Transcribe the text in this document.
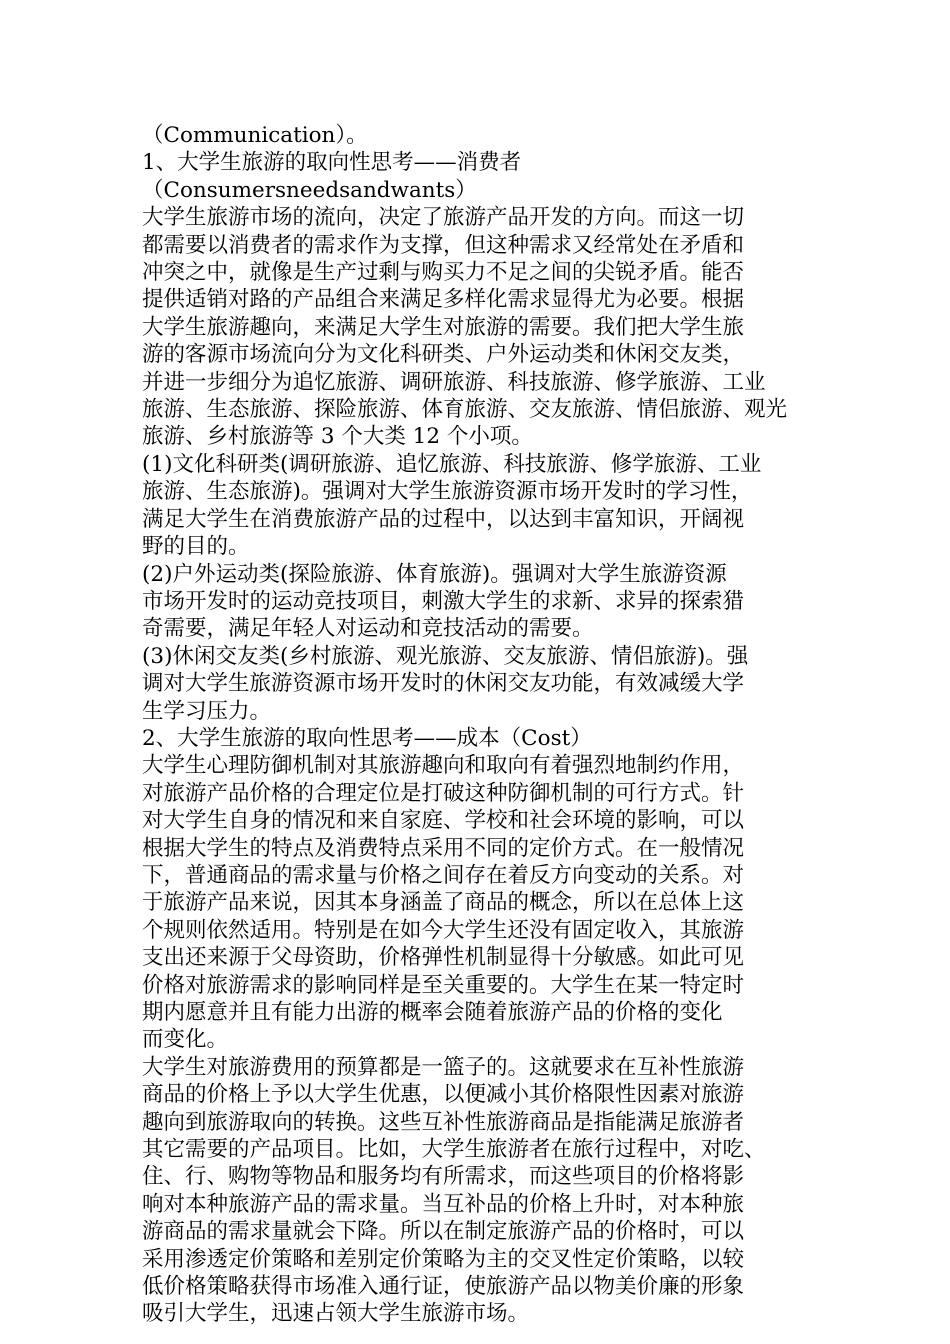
（Communication）。
1、大学生旅游的取向性思考——消费者
（Consumersneedsandwants）
大学生旅游市场的流向，决定了旅游产品开发的方向。而这一切
都需要以消费者的需求作为支撑，但这种需求又经常处在矛盾和
冲突之中，就像是生产过剩与购买力不足之间的尖锐矛盾。能否
提供适销对路的产品组合来满足多样化需求显得尤为必要。根据
大学生旅游趣向，来满足大学生对旅游的需要。我们把大学生旅
游的客源市场流向分为文化科研类、户外运动类和休闲交友类，
并进一步细分为追忆旅游、调研旅游、科技旅游、修学旅游、工业
旅游、生态旅游、探险旅游、体育旅游、交友旅游、情侣旅游、观光
旅游、乡村旅游等 3 个大类 12 个小项。
(1)文化科研类(调研旅游、追忆旅游、科技旅游、修学旅游、工业
旅游、生态旅游)。强调对大学生旅游资源市场开发时的学习性，
满足大学生在消费旅游产品的过程中，以达到丰富知识，开阔视
野的目的。
(2)户外运动类(探险旅游、体育旅游)。强调对大学生旅游资源
市场开发时的运动竞技项目，刺激大学生的求新、求异的探索猎
奇需要，满足年轻人对运动和竞技活动的需要。
(3)休闲交友类(乡村旅游、观光旅游、交友旅游、情侣旅游)。强
调对大学生旅游资源市场开发时的休闲交友功能，有效减缓大学
生学习压力。
2、大学生旅游的取向性思考——成本（Cost）
大学生心理防御机制对其旅游趣向和取向有着强烈地制约作用，
对旅游产品价格的合理定位是打破这种防御机制的可行方式。针
对大学生自身的情况和来自家庭、学校和社会环境的影响，可以
根据大学生的特点及消费特点采用不同的定价方式。在一般情况
下，普通商品的需求量与价格之间存在着反方向变动的关系。对
于旅游产品来说，因其本身涵盖了商品的概念，所以在总体上这
个规则依然适用。特别是在如今大学生还没有固定收入，其旅游
支出还来源于父母资助，价格弹性机制显得十分敏感。如此可见
价格对旅游需求的影响同样是至关重要的。大学生在某一特定时
期内愿意并且有能力出游的概率会随着旅游产品的价格的变化
而变化。
大学生对旅游费用的预算都是一篮子的。这就要求在互补性旅游
商品的价格上予以大学生优惠，以便减小其价格限性因素对旅游
趣向到旅游取向的转换。这些互补性旅游商品是指能满足旅游者
其它需要的产品项目。比如，大学生旅游者在旅行过程中，对吃、
住、行、购物等物品和服务均有所需求，而这些项目的价格将影
响对本种旅游产品的需求量。当互补品的价格上升时，对本种旅
游商品的需求量就会下降。所以在制定旅游产品的价格时，可以
采用渗透定价策略和差别定价策略为主的交叉性定价策略，以较
低价格策略获得市场准入通行证，使旅游产品以物美价廉的形象
吸引大学生，迅速占领大学生旅游市场。
